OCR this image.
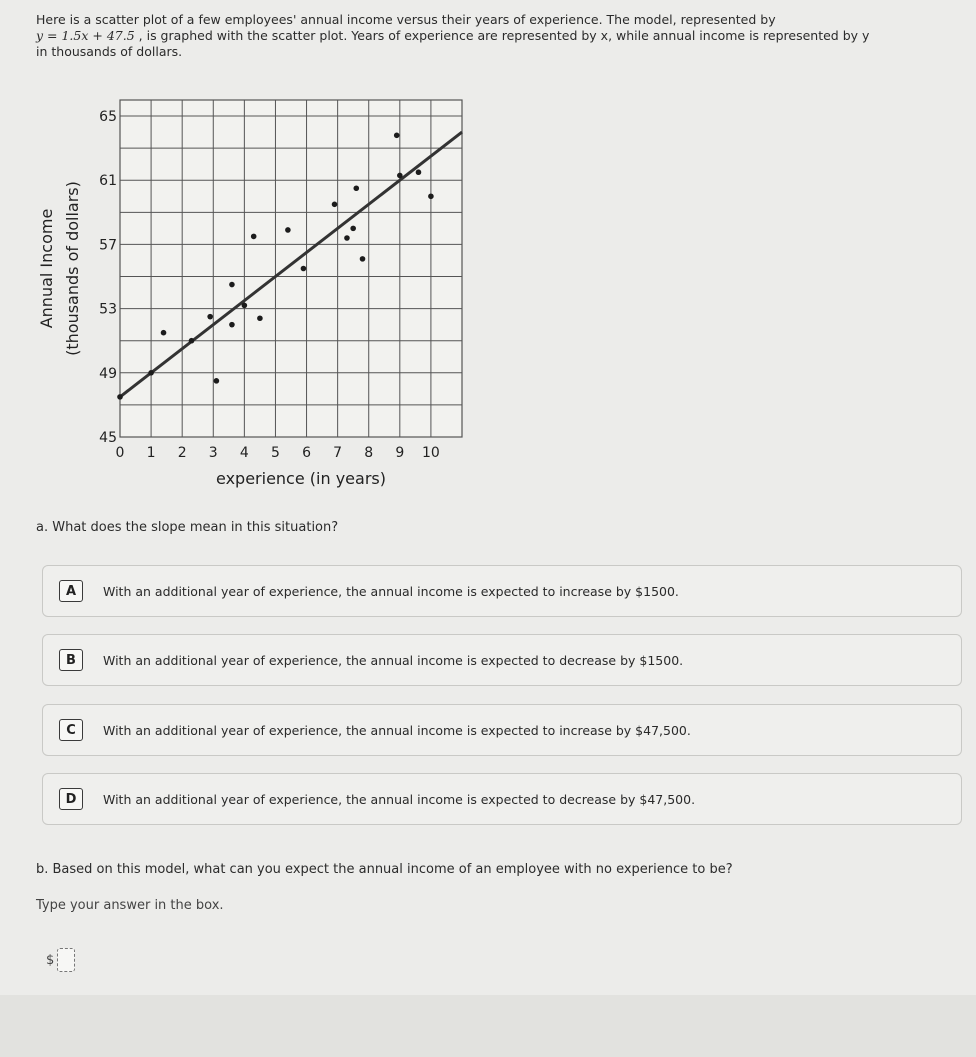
Here is a scatter plot of a few employees' annual income versus their years of experience. The model, represented by
y = 1.5x + 47.5 , is graphed with the scatter plot. Years of experience are represented by x, while annual income is represented by y
in thousands of dollars.
0 1 2 3 4 5 6 7 8 9 10
45
49
53
57
61
65
experience (in years)
Annual Income (thousands of dollars)
a. What does the slope mean in this situation?
A	With an additional year of experience, the annual income is expected to increase by $1500.
B	With an additional year of experience, the annual income is expected to decrease by $1500.
C	With an additional year of experience, the annual income is expected to increase by $47,500.
D	With an additional year of experience, the annual income is expected to decrease by $47,500.
b. Based on this model, what can you expect the annual income of an employee with no experience to be?
Type your answer in the box.
$
